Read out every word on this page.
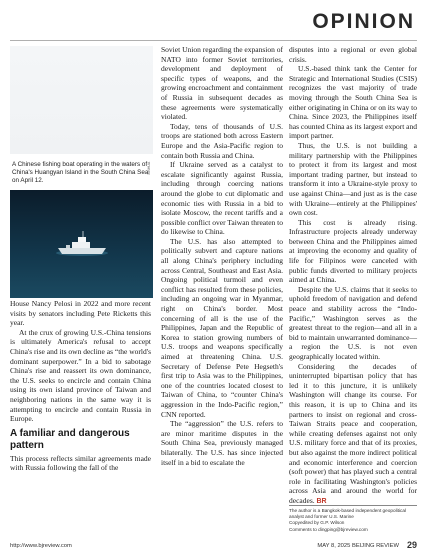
OPINION
A Chinese fishing boat operating in the waters of China's Huangyan Island in the South China Sea on April 12.
XINHUA

House Nancy Pelosi in 2022 and more recent visits by senators including Pete Ricketts this year.

At the crux of growing U.S.-China tensions is ultimately America's refusal to accept China's rise and its own decline as “the world's dominant superpower.” In a bid to sabotage China's rise and reassert its own dominance, the U.S. seeks to encircle and contain China using its own island province of Taiwan and neighboring nations in the same way it is attempting to encircle and contain Russia in Europe.

A familiar and dangerous pattern

This process reflects similar agreements made with Russia following the fall of the

Soviet Union regarding the expansion of NATO into former Soviet territories, development and deployment of specific types of weapons, and the growing encroachment and containment of Russia in subsequent decades as these agreements were systematically violated.

Today, tens of thousands of U.S. troops are stationed both across Eastern Europe and the Asia-Pacific region to contain both Russia and China.

If Ukraine served as a catalyst to escalate significantly against Russia, including through coercing nations around the globe to cut diplomatic and economic ties with Russia in a bid to isolate Moscow, the recent tariffs and a possible conflict over Taiwan threaten to do likewise to China.

The U.S. has also attempted to politically subvert and capture nations all along China's periphery including across Central, Southeast and East Asia. Ongoing political turmoil and even conflict has resulted from these policies, including an ongoing war in Myanmar, right on China's border. Most concerning of all is the use of the Philippines, Japan and the Republic of Korea to station growing numbers of U.S. troops and weapons specifically aimed at threatening China. U.S. Secretary of Defense Pete Hegseth's first trip to Asia was to the Philippines, one of the countries located closest to Taiwan of China, to “counter China's aggression in the Indo-Pacific region,” CNN reported.

The “aggression” the U.S. refers to are minor maritime disputes in the South China Sea, previously managed bilaterally. The U.S. has since injected itself in a bid to escalate the

disputes into a regional or even global crisis.

U.S.-based think tank the Center for Strategic and International Studies (CSIS) recognizes the vast majority of trade moving through the South China Sea is either originating in China or on its way to China. Since 2023, the Philippines itself has counted China as its largest export and import partner.

Thus, the U.S. is not building a military partnership with the Philippines to protect it from its largest and most important trading partner, but instead to transform it into a Ukraine-style proxy to use against China—and just as is the case with Ukraine—entirely at the Philippines' own cost.

This cost is already rising. Infrastructure projects already underway between China and the Philippines aimed at improving the economy and quality of life for Filipinos were canceled with public funds diverted to military projects aimed at China.

Despite the U.S. claims that it seeks to uphold freedom of navigation and defend peace and stability across the “Indo-Pacific,” Washington serves as the greatest threat to the region—and all in a bid to maintain unwarranted dominance—a region the U.S. is not even geographically located within.

Considering the decades of uninterrupted bipartisan policy that has led it to this juncture, it is unlikely Washington will change its course. For this reason, it is up to China and its partners to insist on regional and cross-Taiwan Straits peace and cooperation, while creating defenses against not only U.S. military force and that of its proxies, but also against the more indirect political and economic interference and coercion (soft power) that has played such a central role in facilitating Washington's policies across Asia and around the world for decades. BR

The author is a Bangkok-based independent geopolitical analyst and former U.S. Marine
Copyedited by G.P. Wilson
Comments to dingping@bjreview.com
http://www.bjreview.com	MAY 8, 2025 BEIJING REVIEW 29
